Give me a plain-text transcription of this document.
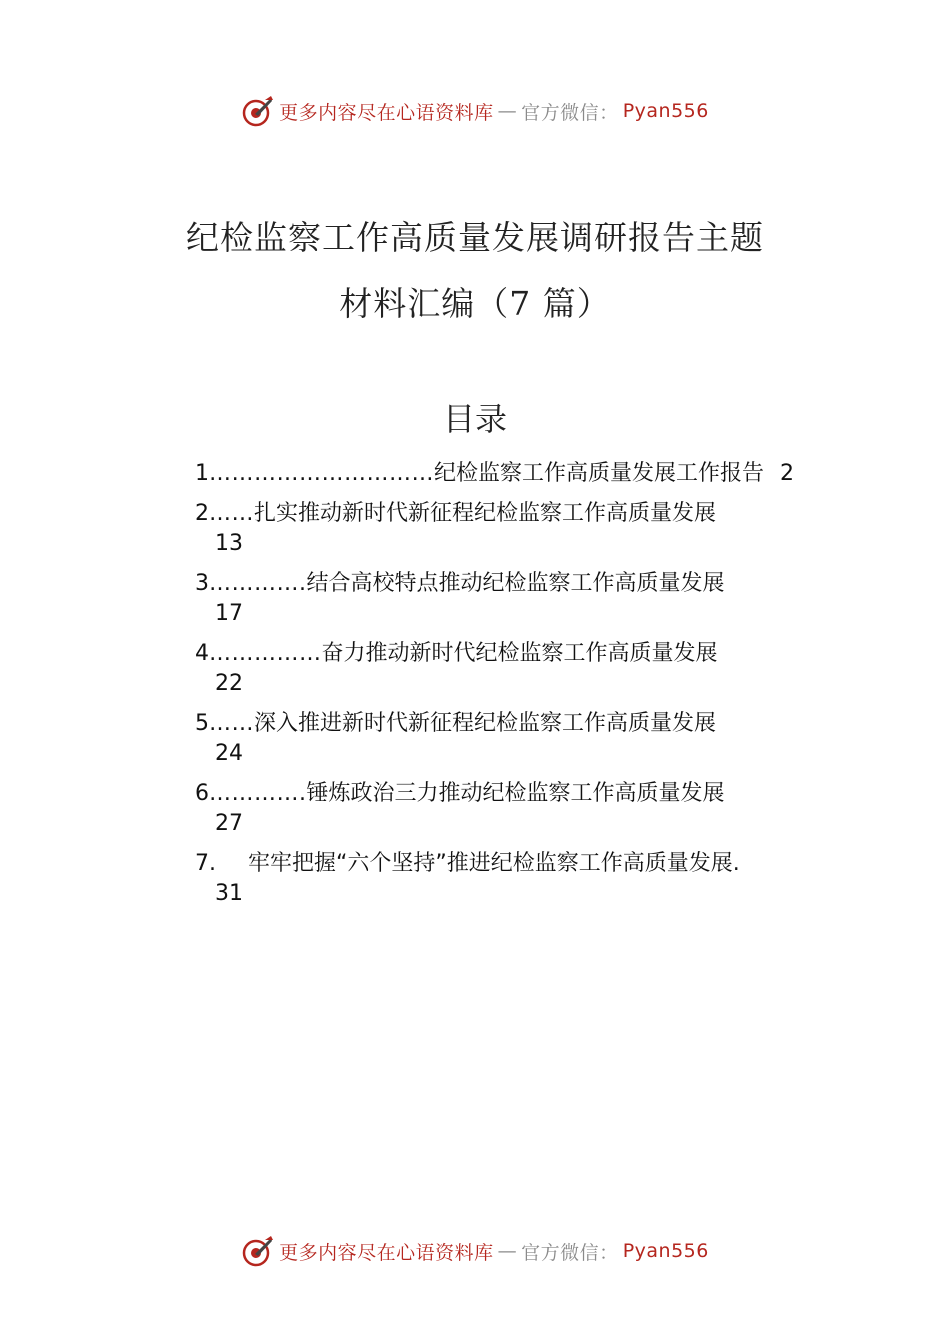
更多内容尽在心语资料库 — 官方微信： Pyan556
纪检监察工作高质量发展调研报告主题
材料汇编（7 篇）
目录
1 ………………………… 纪检监察工作高质量发展工作报告 2
2 …… 扎实推动新时代新征程纪检监察工作高质量发展
13
3 …………. 结合高校特点推动纪检监察工作高质量发展
17
4 …………… 奋力推动新时代纪检监察工作高质量发展
22
5 …… 深入推进新时代新征程纪检监察工作高质量发展
24
6 …………. 锤炼政治三力推动纪检监察工作高质量发展
27
7. 牢牢把握“六个坚持”推进纪检监察工作高质量发展.
31
更多内容尽在心语资料库 — 官方微信： Pyan556
